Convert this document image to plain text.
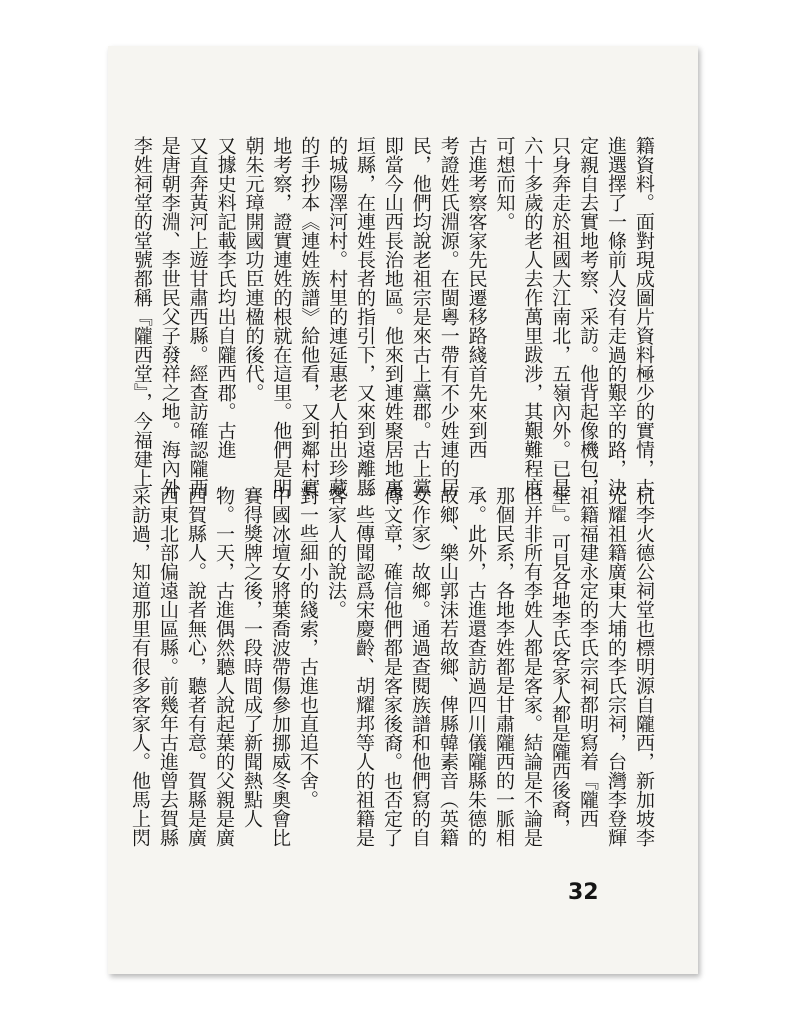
籍資料。面對現成圖片資料極少的實情，古
進選擇了一條前人沒有走過的艱辛的路，決
定親自去實地考察、采訪。他背起像機包，
只身奔走於祖國大江南北，五嶺內外。已是
六十多歲的老人去作萬里跋涉，其艱難程度
可想而知。
古進考察客家先民遷移路綫首先來到西
考證姓氏淵源。在閩粵一帶有不少姓連的居
民，他們均說老祖宗是來古上黨郡。古上黨
即當今山西長治地區。他來到連姓聚居地裏
垣縣，在連姓長者的指引下，又來到遠離縣
的城陽澤河村。村里的連延惠老人拍出珍藏
的手抄本《連姓族譜》給他看，又到鄰村實
地考察，證實連姓的根就在這里。他們是明
朝朱元璋開國功臣連楹的後代。
又據史料記載李氏均出自隴西郡。古進
又直奔黃河上遊甘肅西縣。經查訪確認隴西
是唐朝李淵、李世民父子發祥之地。海內外
李姓祠堂的堂號都稱『隴西堂』，今福建上
杭李火德公祠堂也標明源自隴西，新加坡李
光耀祖籍廣東大埔的李氏宗祠，台灣李登輝
祖籍福建永定的李氏宗祠都明寫着『隴西
堂』。可見各地李氏客家人都是隴西後裔，
但并非所有李姓人都是客家。結論是不論是
那個民系，各地李姓都是甘肅隴西的一脈相
承。此外，古進還查訪過四川儀隴縣朱德的
故鄉、樂山郭沫若故鄉、俾縣韓素音（英籍
女作家）故鄉。通過查閱族譜和他們寫的自
傳文章，確信他們都是客家後裔。也否定了
一些傳聞認爲宋慶齡、胡耀邦等人的祖籍是
客家人的說法。
對一些細小的綫索，古進也直追不舍。
中國冰壇女將葉喬波帶傷參加挪威冬奧會比
賽得獎牌之後，一段時間成了新聞熱點人
物。一天，古進偶然聽人說起葉的父親是廣
西賀縣人。說者無心，聽者有意。賀縣是廣
西東北部偏遠山區縣。前幾年古進曾去賀縣
采訪過，知道那里有很多客家人。他馬上閃
32
